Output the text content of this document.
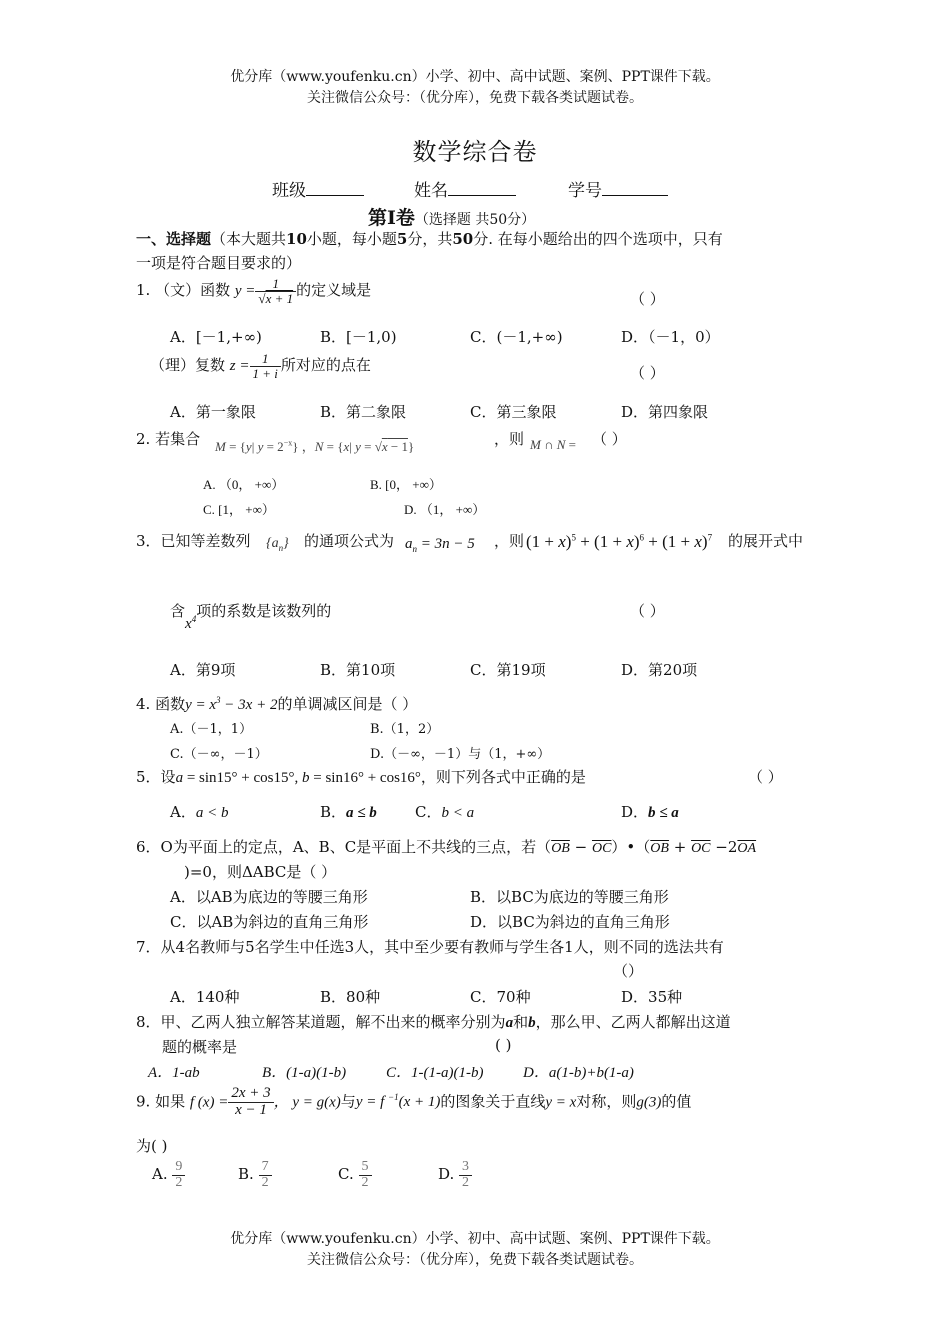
优分库（www.youfenku.cn）小学、初中、高中试题、案例、PPT课件下载。
关注微信公众号：（优分库），免费下载各类试题试卷。
数学综合卷
班级	姓名	学号
第Ⅰ卷（选择题 共50分）
一、选择题（本大题共10小题，每小题5分，共50分. 在每小题给出的四个选项中，只有
一项是符合题目要求的）
1. （文）函数 $y = \frac{1}{√x + 1}$ 的定义域是	（ ）
A．[－1,+∞)	B．[－1,0)	C．(－1,+∞)	D．（－1，0）
（理）复数 $z = \frac{1}{1 + i}$ 所对应的点在	（ ）
A．第一象限	B．第二象限	C．第三象限	D．第四象限
2. 若集合 M = {y| $y = 2^{-x}$} ，N = {x| y = √x − 1}	，则 M ∩ N = （ ）
A. （0， +∞）	B. [0， +∞）
C. [1， +∞）	D. （1， +∞）
3．已知等差数列 $\{a_n\}$ 的通项公式为 $a_n = 3n - 5$ ，则 $(1 + x)^5 + (1 + x)^6 + (1 + x)^7$ 的展开式中
含$x^4$项的系数是该数列的	（ ）
A．第9项	B．第10项	C．第19项	D．第20项
4. 函数$y = x^3 - 3x + 2$的单调减区间是（ ）
A.（－1，1）	B.（1，2）
C.（－∞，－1）	D.（－∞，－1）与（1，+∞）
5．设a = sin15° + cos15°, b = sin16° + cos16°，则下列各式中正确的是	（ ）
A．a < b	B．a ≤ b	C．b < a	D．b ≤ a
6．O为平面上的定点，A、B、C是平面上不共线的三点，若（$\overline{OB}$ − $\overline{OC})•(\overline{OB} + \overline{OC} -2\overline{OA}$
)=0，则ΔABC是（ ）
A．以AB为底边的等腰三角形	B．以BC为底边的等腰三角形
C．以AB为斜边的直角三角形	D．以BC为斜边的直角三角形
7．从4名教师与5名学生中任选3人，其中至少要有教师与学生各1人，则不同的选法共有
（）
A．140种	B．80种	C．70种	D．35种
8．甲、乙两人独立解答某道题，解不出来的概率分别为a和b，那么甲、乙两人都解出这道
题的概率是	( )
A．1-ab	B．(1-a)(1-b)	C．1-(1-a)(1-b)	D．a(1-b)+b(1-a)
9. 如果 f $(x) = \frac{2x + 3}{x - 1}$ ， y = g(x)与y = f $^{-1}$(x + 1)的图象关于直线y = x对称，则g(3)的值
为( )
A. $\frac{9}{2}$	B. $\frac{7}{2}$	C. $\frac{5}{2}$	D. $\frac{3}{2}$
优分库（www.youfenku.cn）小学、初中、高中试题、案例、PPT课件下载。
关注微信公众号：（优分库），免费下载各类试题试卷。
